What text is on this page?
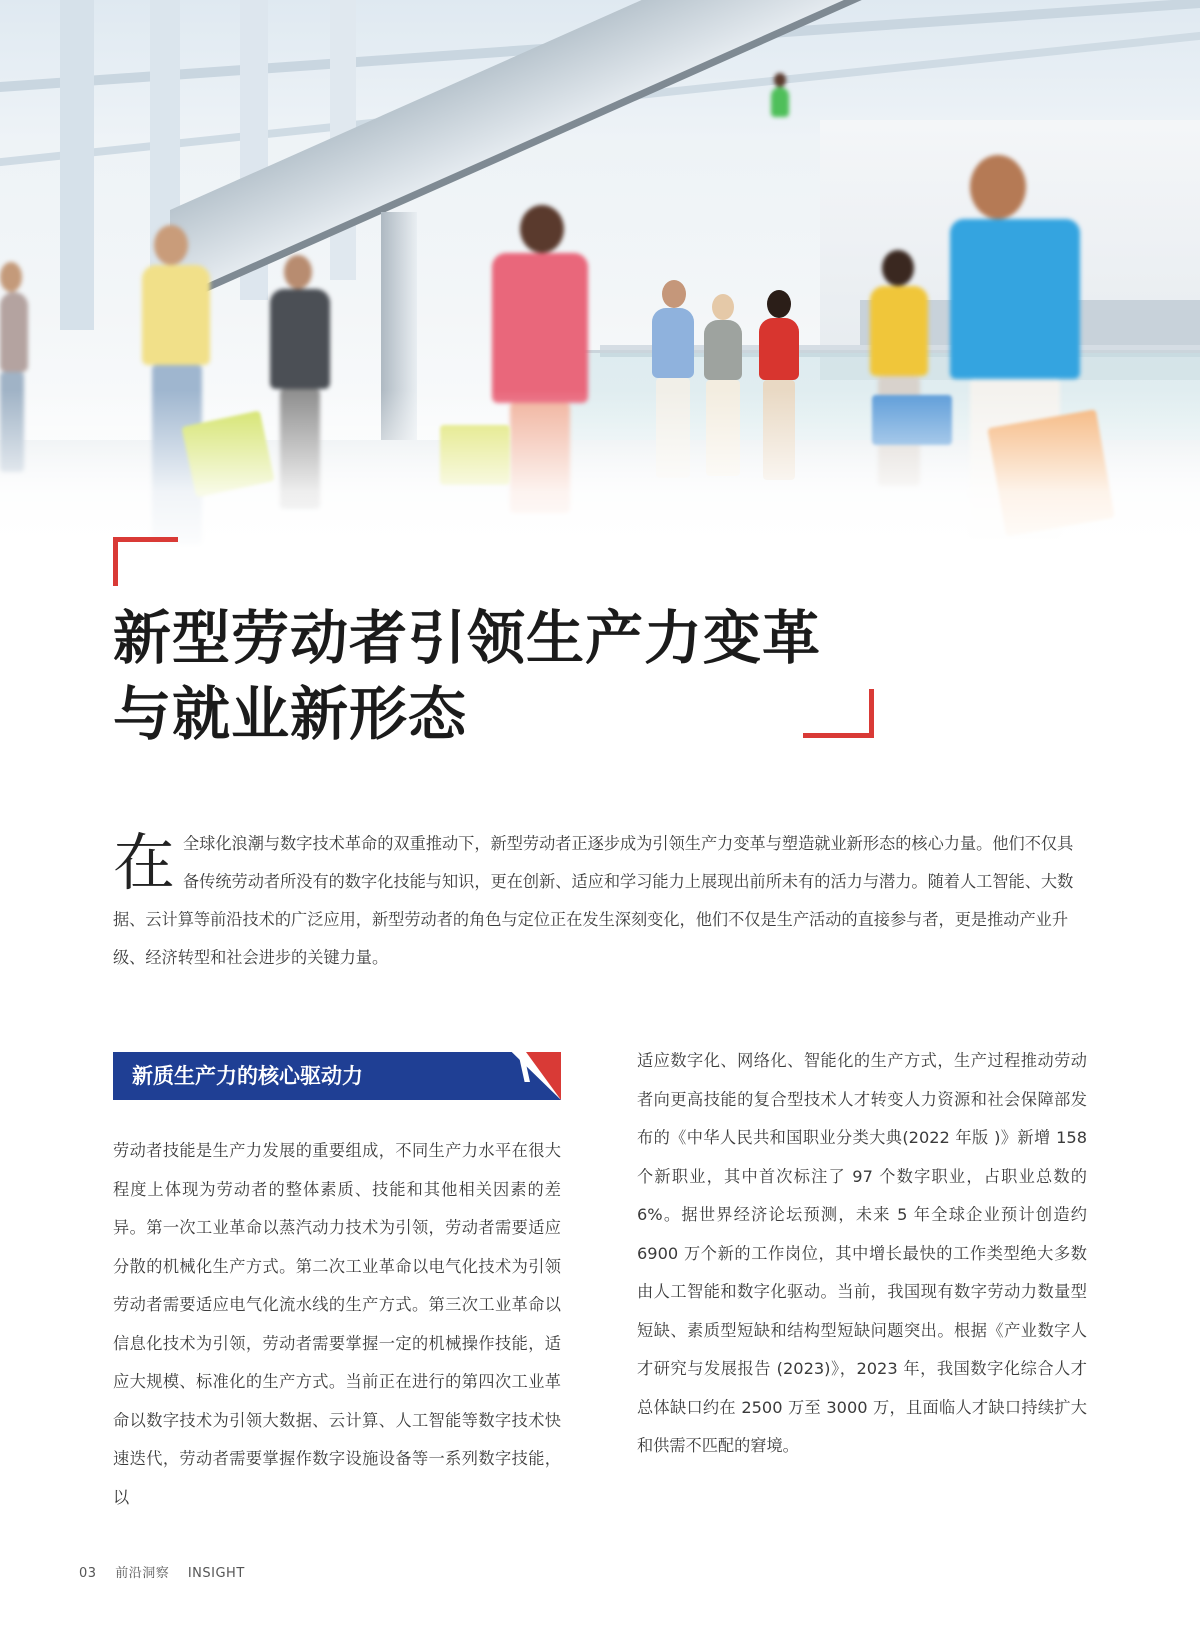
新型劳动者引领生产力变革
与就业新形态

在全球化浪潮与数字技术革命的双重推动下，新型劳动者正逐步成为引领生产力变革与塑造就业新形态的核心力量。他们不仅具备传统劳动者所没有的数字化技能与知识，更在创新、适应和学习能力上展现出前所未有的活力与潜力。随着人工智能、大数据、云计算等前沿技术的广泛应用，新型劳动者的角色与定位正在发生深刻变化，他们不仅是生产活动的直接参与者，更是推动产业升级、经济转型和社会进步的关键力量。

新质生产力的核心驱动力

劳动者技能是生产力发展的重要组成，不同生产力水平在很大程度上体现为劳动者的整体素质、技能和其他相关因素的差异。第一次工业革命以蒸汽动力技术为引领，劳动者需要适应分散的机械化生产方式。第二次工业革命以电气化技术为引领劳动者需要适应电气化流水线的生产方式。第三次工业革命以信息化技术为引领，劳动者需要掌握一定的机械操作技能，适应大规模、标准化的生产方式。当前正在进行的第四次工业革命以数字技术为引领大数据、云计算、人工智能等数字技术快速迭代，劳动者需要掌握作数字设施设备等一系列数字技能，以

适应数字化、网络化、智能化的生产方式，生产过程推动劳动者向更高技能的复合型技术人才转变人力资源和社会保障部发布的《中华人民共和国职业分类大典(2022 年版 )》新增 158 个新职业，其中首次标注了 97 个数字职业，占职业总数的 6%。据世界经济论坛预测，未来 5 年全球企业预计创造约 6900 万个新的工作岗位，其中增长最快的工作类型绝大多数由人工智能和数字化驱动。当前，我国现有数字劳动力数量型短缺、素质型短缺和结构型短缺问题突出。根据《产业数字人才研究与发展报告 (2023)》，2023 年，我国数字化综合人才总体缺口约在 2500 万至 3000 万，且面临人才缺口持续扩大和供需不匹配的窘境。

03 前沿洞察 INSIGHT
